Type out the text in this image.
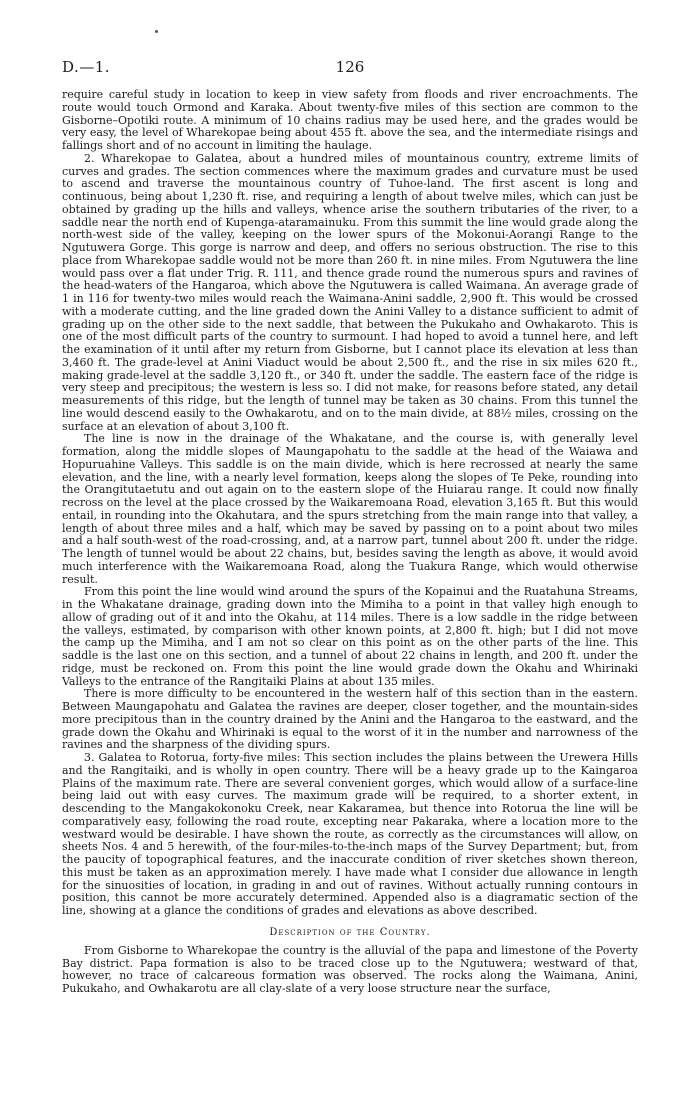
126
D.—1.

require careful study in location to keep in view safety from floods and river encroachments. The route would touch Ormond and Karaka. About twenty-five miles of this section are common to the Gisborne–Opotiki route. A minimum of 10 chains radius may be used here, and the grades would be very easy, the level of Wharekopae being about 455 ft. above the sea, and the intermediate risings and fallings short and of no account in limiting the haulage.

2. Wharekopae to Galatea, about a hundred miles of mountainous country, extreme limits of curves and grades. The section commences where the maximum grades and curvature must be used to ascend and traverse the mountainous country of Tuhoe-land. The first ascent is long and continuous, being about 1,230 ft. rise, and requiring a length of about twelve miles, which can just be obtained by grading up the hills and valleys, whence arise the southern tributaries of the river, to a saddle near the north end of Kupenga-ataramainuku. From this summit the line would grade along the north-west side of the valley, keeping on the lower spurs of the Mokonui-Aorangi Range to the Ngutuwera Gorge. This gorge is narrow and deep, and offers no serious obstruction. The rise to this place from Wharekopae saddle would not be more than 260 ft. in nine miles. From Ngutuwera the line would pass over a flat under Trig. R. 111, and thence grade round the numerous spurs and ravines of the head-waters of the Hangaroa, which above the Ngutuwera is called Waimana. An average grade of 1 in 116 for twenty-two miles would reach the Waimana-Anini saddle, 2,900 ft. This would be crossed with a moderate cutting, and the line graded down the Anini Valley to a distance sufficient to admit of grading up on the other side to the next saddle, that between the Pukukaho and Owhakaroto. This is one of the most difficult parts of the country to surmount. I had hoped to avoid a tunnel here, and left the examination of it until after my return from Gisborne, but I cannot place its elevation at less than 3,460 ft. The grade-level at Anini Viaduct would be about 2,500 ft., and the rise in six miles 620 ft., making grade-level at the saddle 3,120 ft., or 340 ft. under the saddle. The eastern face of the ridge is very steep and precipitous; the western is less so. I did not make, for reasons before stated, any detail measurements of this ridge, but the length of tunnel may be taken as 30 chains. From this tunnel the line would descend easily to the Owhakarotu, and on to the main divide, at 88½ miles, crossing on the surface at an elevation of about 3,100 ft.

The line is now in the drainage of the Whakatane, and the course is, with generally level formation, along the middle slopes of Maungapohatu to the saddle at the head of the Waiawa and Hopuruahine Valleys. This saddle is on the main divide, which is here recrossed at nearly the same elevation, and the line, with a nearly level formation, keeps along the slopes of Te Peke, rounding into the Orangitutaetutu and out again on to the eastern slope of the Huiarau range. It could now finally recross on the level at the place crossed by the Waikaremoana Road, elevation 3,165 ft. But this would entail, in rounding into the Okahutara, and the spurs stretching from the main range into that valley, a length of about three miles and a half, which may be saved by passing on to a point about two miles and a half south-west of the road-crossing, and, at a narrow part, tunnel about 200 ft. under the ridge. The length of tunnel would be about 22 chains, but, besides saving the length as above, it would avoid much interference with the Waikaremoana Road, along the Tuakura Range, which would otherwise result.

From this point the line would wind around the spurs of the Kopainui and the Ruatahuna Streams, in the Whakatane drainage, grading down into the Mimiha to a point in that valley high enough to allow of grading out of it and into the Okahu, at 114 miles. There is a low saddle in the ridge between the valleys, estimated, by comparison with other known points, at 2,800 ft. high; but I did not move the camp up the Mimiha, and I am not so clear on this point as on the other parts of the line. This saddle is the last one on this section, and a tunnel of about 22 chains in length, and 200 ft. under the ridge, must be reckoned on. From this point the line would grade down the Okahu and Whirinaki Valleys to the entrance of the Rangitaiki Plains at about 135 miles.

There is more difficulty to be encountered in the western half of this section than in the eastern. Between Maungapohatu and Galatea the ravines are deeper, closer together, and the mountain-sides more precipitous than in the country drained by the Anini and the Hangaroa to the eastward, and the grade down the Okahu and Whirinaki is equal to the worst of it in the number and narrowness of the ravines and the sharpness of the dividing spurs.

3. Galatea to Rotorua, forty-five miles: This section includes the plains between the Urewera Hills and the Rangitaiki, and is wholly in open country. There will be a heavy grade up to the Kaingaroa Plains of the maximum rate. There are several convenient gorges, which would allow of a surface-line being laid out with easy curves. The maximum grade will be required, to a shorter extent, in descending to the Mangakokonoku Creek, near Kakaramea, but thence into Rotorua the line will be comparatively easy, following the road route, excepting near Pakaraka, where a location more to the westward would be desirable. I have shown the route, as correctly as the circumstances will allow, on sheets Nos. 4 and 5 herewith, of the four-miles-to-the-inch maps of the Survey Department; but, from the paucity of topographical features, and the inaccurate condition of river sketches shown thereon, this must be taken as an approximation merely. I have made what I consider due allowance in length for the sinuosities of location, in grading in and out of ravines. Without actually running contours in position, this cannot be more accurately determined. Appended also is a diagramatic section of the line, showing at a glance the conditions of grades and elevations as above described.

Description of the Country.

From Gisborne to Wharekopae the country is the alluvial of the papa and limestone of the Poverty Bay district. Papa formation is also to be traced close up to the Ngutuwera; westward of that, however, no trace of calcareous formation was observed. The rocks along the Waimana, Anini, Pukukaho, and Owhakarotu are all clay-slate of a very loose structure near the surface,
